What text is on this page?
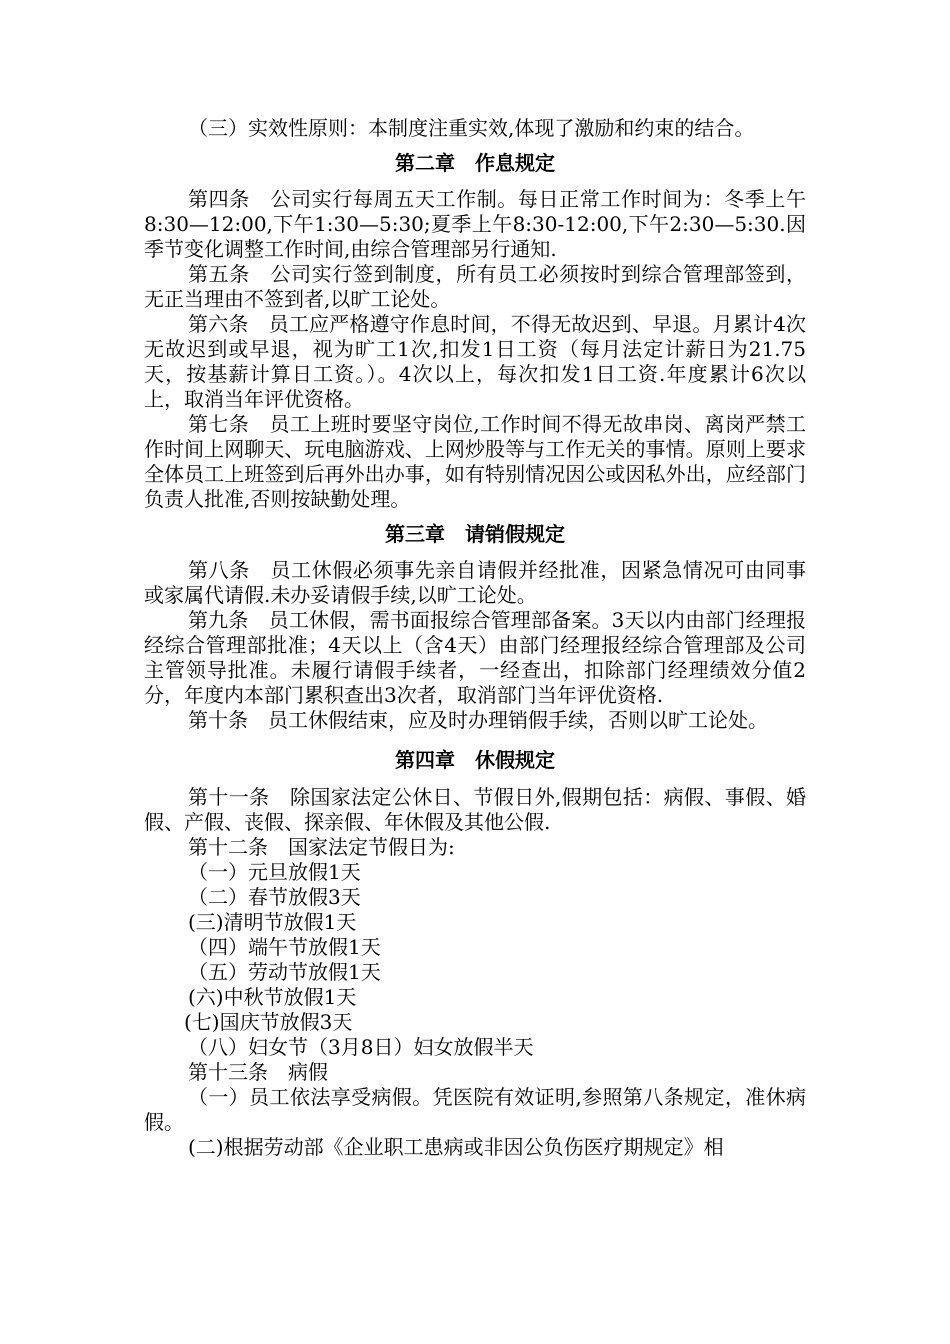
（三）实效性原则：本制度注重实效,体现了激励和约束的结合。

第二章　作息规定

第四条　公司实行每周五天工作制。每日正常工作时间为：冬季上午 8:30—12:00,下午1:30—5:30;夏季上午8:30-12:00,下午2:30—5:30.因季节变化调整工作时间,由综合管理部另行通知.

第五条　公司实行签到制度，所有员工必须按时到综合管理部签到，无正当理由不签到者,以旷工论处。

第六条　员工应严格遵守作息时间，不得无故迟到、早退。月累计4次无故迟到或早退，视为旷工1次,扣发1日工资（每月法定计薪日为21.75天，按基薪计算日工资。）。4次以上，每次扣发1日工资.年度累计6次以上，取消当年评优资格。

第七条　员工上班时要坚守岗位,工作时间不得无故串岗、离岗严禁工作时间上网聊天、玩电脑游戏、上网炒股等与工作无关的事情。原则上要求全体员工上班签到后再外出办事，如有特别情况因公或因私外出，应经部门负责人批准,否则按缺勤处理。

第三章　请销假规定

第八条　员工休假必须事先亲自请假并经批准，因紧急情况可由同事或家属代请假.未办妥请假手续,以旷工论处。

第九条　员工休假，需书面报综合管理部备案。3天以内由部门经理报经综合管理部批准；4天以上（含4天）由部门经理报经综合管理部及公司主管领导批准。未履行请假手续者，一经查出，扣除部门经理绩效分值2分，年度内本部门累积查出3次者，取消部门当年评优资格.

第十条　员工休假结束，应及时办理销假手续，否则以旷工论处。

第四章　休假规定

第十一条　除国家法定公休日、节假日外,假期包括：病假、事假、婚假、产假、丧假、探亲假、年休假及其他公假.

第十二条　国家法定节假日为:

（一）元旦放假1天

（二）春节放假3天

(三)清明节放假1天

（四）端午节放假1天

（五）劳动节放假1天

(六)中秋节放假1天

(七)国庆节放假3天

（八）妇女节（3月8日）妇女放假半天

第十三条　病假

（一）员工依法享受病假。凭医院有效证明,参照第八条规定，准休病假。

(二)根据劳动部《企业职工患病或非因公负伤医疗期规定》相
